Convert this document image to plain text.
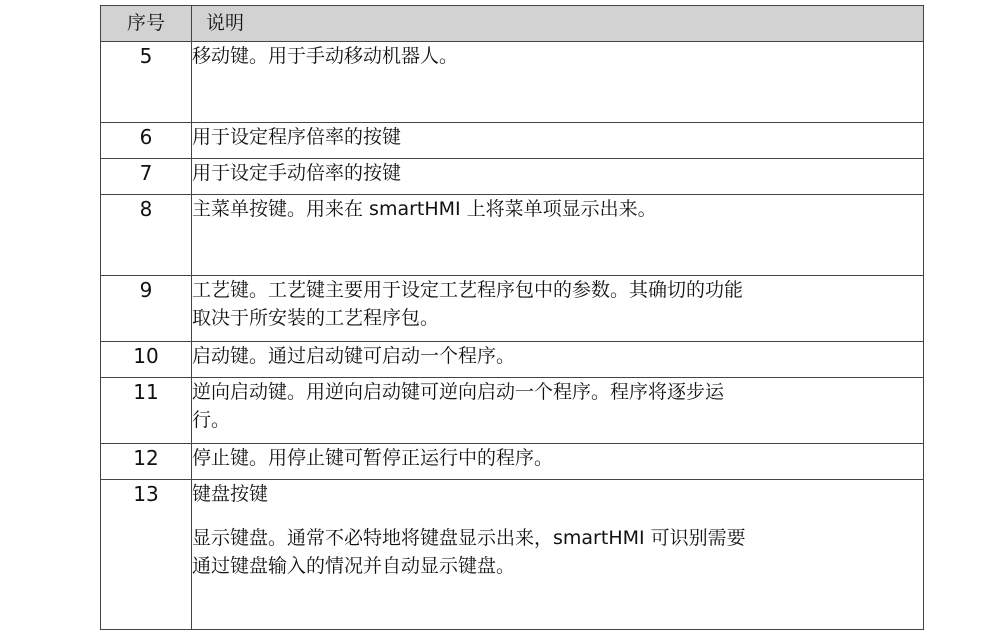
序号	说明
5	移动键。用于手动移动机器人。

6	用于设定程序倍率的按键

7	用于设定手动倍率的按键

8	主菜单按键。用来在 smartHMI 上将菜单项显示出来。

9	工艺键。工艺键主要用于设定工艺程序包中的参数。其确切的功能

取决于所安装的工艺程序包。

10	启动键。通过启动键可启动一个程序。

11	逆向启动键。用逆向启动键可逆向启动一个程序。程序将逐步运

行。

12	停止键。用停止键可暂停正运行中的程序。

13	键盘按键

显示键盘。通常不必特地将键盘显示出来，smartHMI 可识别需要

通过键盘输入的情况并自动显示键盘。
